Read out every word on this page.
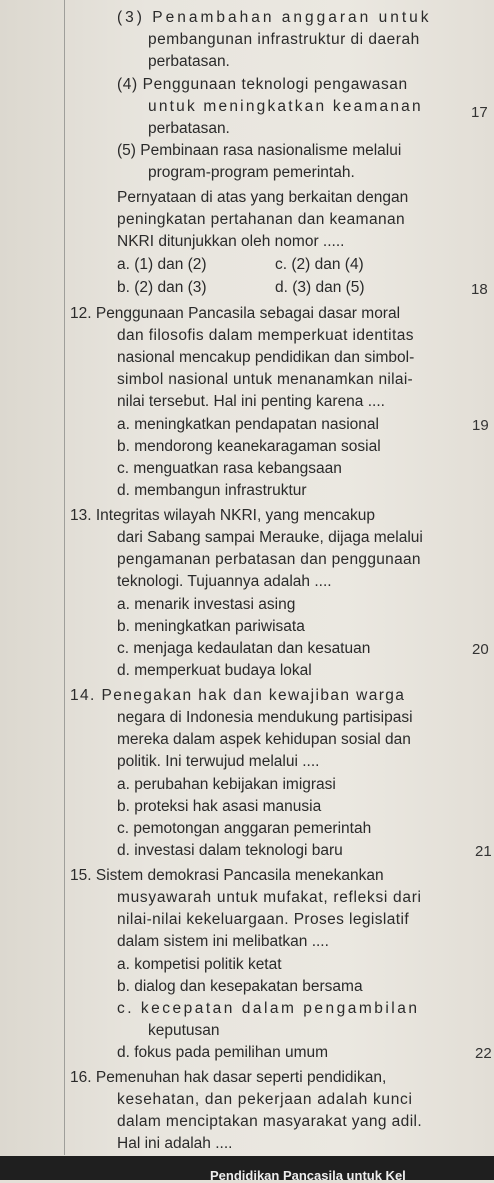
(3) Penambahan anggaran untuk
pembangunan infrastruktur di daerah
perbatasan.
(4) Penggunaan teknologi pengawasan
untuk meningkatkan keamanan
perbatasan.
(5) Pembinaan rasa nasionalisme melalui
program-program pemerintah.
Pernyataan di atas yang berkaitan dengan
peningkatan pertahanan dan keamanan
NKRI ditunjukkan oleh nomor .....
a. (1) dan (2)	c. (2) dan (4)
b. (2) dan (3)	d. (3) dan (5)
12. Penggunaan Pancasila sebagai dasar moral
dan filosofis dalam memperkuat identitas
nasional mencakup pendidikan dan simbol-
simbol nasional untuk menanamkan nilai-
nilai tersebut. Hal ini penting karena ....
a. meningkatkan pendapatan nasional
b. mendorong keanekaragaman sosial
c. menguatkan rasa kebangsaan
d. membangun infrastruktur
13. Integritas wilayah NKRI, yang mencakup
dari Sabang sampai Merauke, dijaga melalui
pengamanan perbatasan dan penggunaan
teknologi. Tujuannya adalah ....
a. menarik investasi asing
b. meningkatkan pariwisata
c. menjaga kedaulatan dan kesatuan
d. memperkuat budaya lokal
14. Penegakan hak dan kewajiban warga
negara di Indonesia mendukung partisipasi
mereka dalam aspek kehidupan sosial dan
politik. Ini terwujud melalui ....
a. perubahan kebijakan imigrasi
b. proteksi hak asasi manusia
c. pemotongan anggaran pemerintah
d. investasi dalam teknologi baru
15. Sistem demokrasi Pancasila menekankan
musyawarah untuk mufakat, refleksi dari
nilai-nilai kekeluargaan. Proses legislatif
dalam sistem ini melibatkan ....
a. kompetisi politik ketat
b. dialog dan kesepakatan bersama
c. kecepatan dalam pengambilan
keputusan
d. fokus pada pemilihan umum
16. Pemenuhan hak dasar seperti pendidikan,
kesehatan, dan pekerjaan adalah kunci
dalam menciptakan masyarakat yang adil.
Hal ini adalah ....
17
18
19
20
21
22
Pendidikan Pancasila untuk Kel
